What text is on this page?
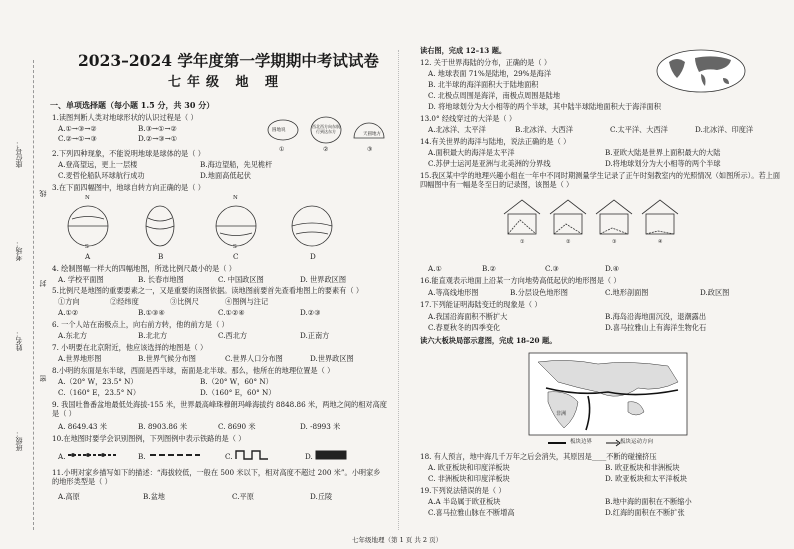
座位号：
线
考场：
封
姓名：
密
班级：
2023–2024 学年度第一学期期中考试试卷
七年级 地 理
一、单项选择题（每小题 1.5 分，共 30 分）
1.读图判断人类对地球形状的认识过程是（ ）
A.①→③→②	B.③→①→②
C.②→①→③	D.②→③→①
圆地说
西北西方向东航行到达东方
天圆地方
①	②	③
2.下列四种现象，不能说明地球是球体的是（ ）
A.登高望远，更上一层楼	B.海边望船，先见桅杆
C.麦哲伦船队环球航行成功	D.地面高低起伏
3.在下面四幅图中，地球自转方向正确的是（ ）
N
S
N
S
A	B	C	D
4. 绘制图幅一样大的四幅地图，所选比例尺最小的是（ ）
A. 学校平面图	B. 长春市地图	C. 中国政区图	D. 世界政区图
5.比例尺是地图的重要要素之一，又是重要的读图依据。读地图前要首先查看地图上的要素有（ ）
①方向	②经纬度	③比例尺	④图例与注记
A.①②	B.①③④	C.①②④	D.②③
6. 一个人站在南极点上，向右前方转，他的前方是（ ）
A.东北方	B.北北方	C.西北方	D.正南方
7. 小明要在北京附近，他应该选择的地图是（ ）
A.世界地形图	B.世界气候分布图	C.世界人口分布图	D.世界政区图
8.小明的东面是东半球，西面是西半球，南面是北半球。那么，他所在的地理位置是（ ）
A.（20° W，23.5° N）	B.（20° W，60° N）
C.（160° E，23.5° N）	D.（160° E，60° N）
9. 我国吐鲁番盆地最低处海拔-155 米，世界最高峰珠穆朗玛峰海拔约 8848.86 米，两地之间的相对高度是（ ）
A. 8649.43 米	B. 8903.86 米	C. 8690 米	D. -8993 米
10.在地图时要学会识别图例，下列图例中表示铁路的是（ ）
A.	B.	C.	D.
11.小明对家乡描写如下的描述：“海拔较低，一般在 500 米以下，相对高度不超过 200 米”。小明家乡的地形类型是（ ）
A.高原	B.盆地	C.平原	D.丘陵
读右图，完成 12–13 题。
12. 关于世界海陆的分布，正确的是（ ）
A. 地球表面 71%是陆地，29%是海洋
B. 北半球的海洋面积大于陆地面积
C. 北极点周围是海洋，南极点周围是陆地
D. 将地球划分为大小相等的两个半球，其中陆半球陆地面积大于海洋面积
13.0° 经线穿过的大洋是（ ）
A.北冰洋、太平洋	B.北冰洋、大西洋	C.太平洋、大西洋	D.北冰洋、印度洋
14.有关世界的海洋与陆地，说法正确的是（ ）
A.面积最大的海洋是太平洋	B.亚欧大陆是世界上面积最大的大陆
C.苏伊士运河是亚洲与北美洲的分界线	D.将地球划分为大小相等的两个半球
15.我区某中学的地理兴趣小组在一年中不同时期测量学生记录了正午时刻教室内的光照情况（如图所示）。若上面四幅图中有一幅是冬至日的记录图，该图是（ ）
①	②	③	④
A.①	B.②	C.③	D.④
16.能直观表示地面上沿某一方向地势高低起伏的地形图是（ ）
A.等高线地形图	B.分层设色地形图	C.地形剖面图	D.政区图
17.下列能证明海陆变迁的现象是（ ）
A.我国沿海面积不断扩大	B.海岛沿海地面沉没，退潮露出
C.春夏秋冬的四季变化	D.喜马拉雅山上有海洋生物化石
读六大板块局部示意图，完成 18–20 题。
非洲
板块边界	板块运动方向
18. 有人预言，地中海几千万年之后会消失，其原因是____不断的碰撞挤压
A. 欧亚板块和印度洋板块	B. 欧亚板块和非洲板块
C. 非洲板块和印度洋板块	D. 欧亚板块和太平洋板块
19.下列说法错误的是（ ）
A.A 半岛属于欧亚板块	B.地中海的面积在不断缩小
C.喜马拉雅山脉在不断增高	D.红海的面积在不断扩张
七年级地理（第 1 页 共 2 页）
